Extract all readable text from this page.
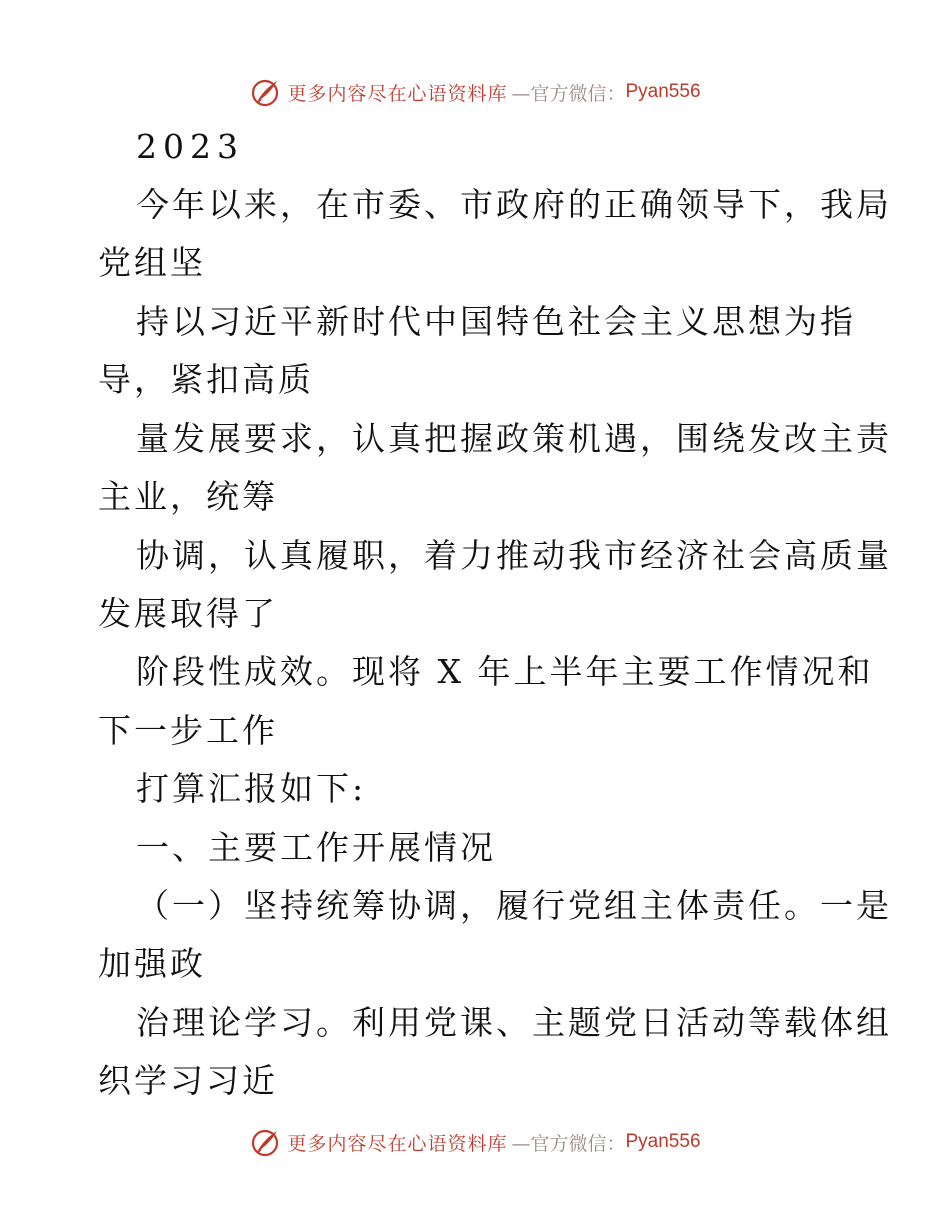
更多内容尽在心语资料库 —官方微信： Pyan556
2023
今年以来，在市委、市政府的正确领导下，我局
党组坚
持以习近平新时代中国特色社会主义思想为指
导，紧扣高质
量发展要求，认真把握政策机遇，围绕发改主责
主业，统筹
协调，认真履职，着力推动我市经济社会高质量
发展取得了
阶段性成效。现将 X 年上半年主要工作情况和
下一步工作
打算汇报如下:
一、主要工作开展情况
（一）坚持统筹协调，履行党组主体责任。一是
加强政
治理论学习。利用党课、主题党日活动等载体组
织学习习近
更多内容尽在心语资料库 —官方微信： Pyan556
